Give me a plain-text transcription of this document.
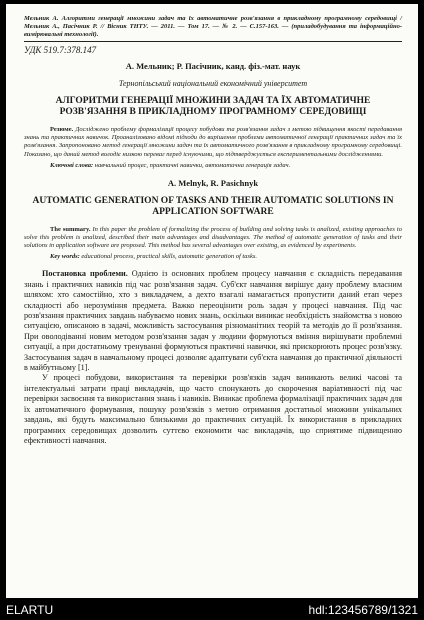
Мельник А. Алгоритми генерації множини задач та їх автоматичне розв'язання в прикладному програмному середовищі / Мельник А., Пасічник Р. // Вісник ТНТУ. — 2011. — Том 17. — № 2. — С.157-163. — (приладобудування та інформаційно-вимірювальні технології).
УДК 519.7:378.147
А. Мельник; Р. Пасічник, канд. фіз.-мат. наук
Тернопільський національний економічний університет
АЛГОРИТМИ ГЕНЕРАЦІЇ МНОЖИНИ ЗАДАЧ ТА ЇХ АВТОМАТИЧНЕ РОЗВ'ЯЗАННЯ В ПРИКЛАДНОМУ ПРОГРАМНОМУ СЕРЕДОВИЩІ

Резюме. Досліджено проблему формалізації процесу побудови та розв'язання задач з метою підвищення якості передавання знань та практичних навичок. Проаналізовано відомі підходи до вирішення проблеми автоматичної генерації практичних задач та їх розв'язання. Запропоновано метод генерації множини задач та їх автоматичного розв'язання в прикладному програмному середовищі. Показано, що даний метод володіє низкою переваг перед існуючими, що підтверджується експериментальними дослідженнями.

Ключові слова: навчальний процес, практичні навички, автоматична генерація задач.

A. Melnyk, R. Pasichnyk
AUTOMATIC GENERATION OF TASKS AND THEIR AUTOMATIC SOLUTIONS IN APPLICATION SOFTWARE

The summary. In this paper the problem of formalizing the process of building and solving tasks is analized, existing approaches to solve this problem is analized, described their main advantages and disadvantages. The method of automatic generation of tasks and their solutions in application software are proposed. This method has several advantages over existing, as evidenced by experiments.

Key words: educational process, practical skills, automatic generation of tasks.

Постановка проблеми. Однією із основних проблем процесу навчання є складність передавання знань і практичних навиків під час розв'язання задач. Суб'єкт навчання вирішує дану проблему власним шляхом: хто самостійно, хто з викладачем, а дехто взагалі намагається пропустити даний етап через складності або нерозуміння предмета. Важко переоцінити роль задач у процесі навчання. Під час розв'язання практичних завдань набуваємо нових знань, оскільки виникає необхідність знайомства з новою ситуацією, описаною в задачі, можливість застосування різноманітних теорій та методів до її розв'язання. При оволодіванні новим методом розв'язання задач у людини формуються вміння вирішувати проблемні ситуації, а при достатньому тренуванні формуються практичні навички, які прискорюють процес розв'язку. Застосування задач в навчальному процесі дозволяє адаптувати суб'єкта навчання до практичної діяльності в майбутньому [1].

У процесі побудови, використання та перевірки розв'язків задач виникають великі часові та інтелектуальні затрати праці викладачів, що часто спонукають до скорочення варіативності під час перевірки засвоєння та використання знань і навиків. Виникає проблема формалізації практичних задач для їх автоматичного формування, пошуку розв'язків з метою отримання достатньої множини унікальних завдань, які будуть максимально близькими до практичних ситуацій. Їх використання в прикладних програмних середовищах дозволить суттєво економити час викладачів, що сприятиме підвищенню ефективності навчання.

ELARTU	hdl:123456789/1321
